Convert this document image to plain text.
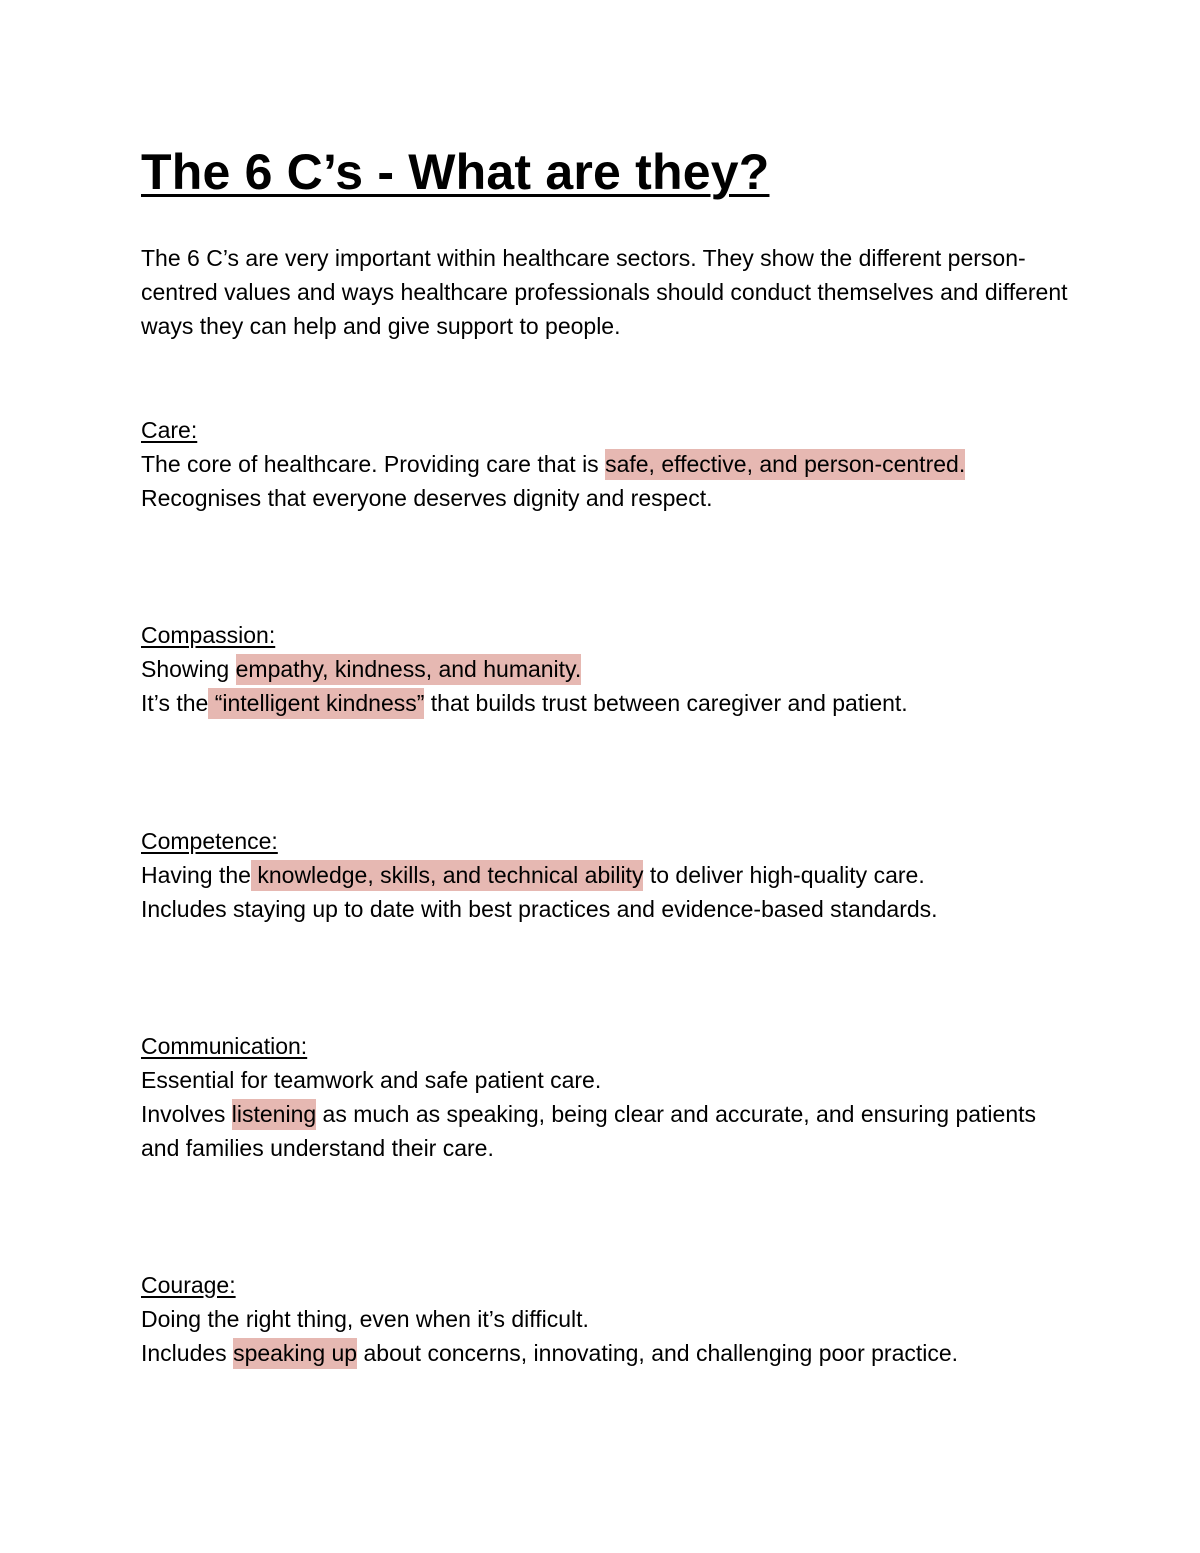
The 6 C’s - What are they?

The 6 C’s are very important within healthcare sectors. They show the different person- centred values and ways healthcare professionals should conduct themselves and different ways they can help and give support to people.

Care:
The core of healthcare. Providing care that is safe, effective, and person-centred.
Recognises that everyone deserves dignity and respect.
Compassion:
Showing empathy, kindness, and humanity.
It’s the “intelligent kindness” that builds trust between caregiver and patient.
Competence:
Having the knowledge, skills, and technical ability to deliver high-quality care.
Includes staying up to date with best practices and evidence-based standards.
Communication:
Essential for teamwork and safe patient care.
Involves listening as much as speaking, being clear and accurate, and ensuring patients and families understand their care.
Courage:
Doing the right thing, even when it’s difficult.
Includes speaking up about concerns, innovating, and challenging poor practice.
